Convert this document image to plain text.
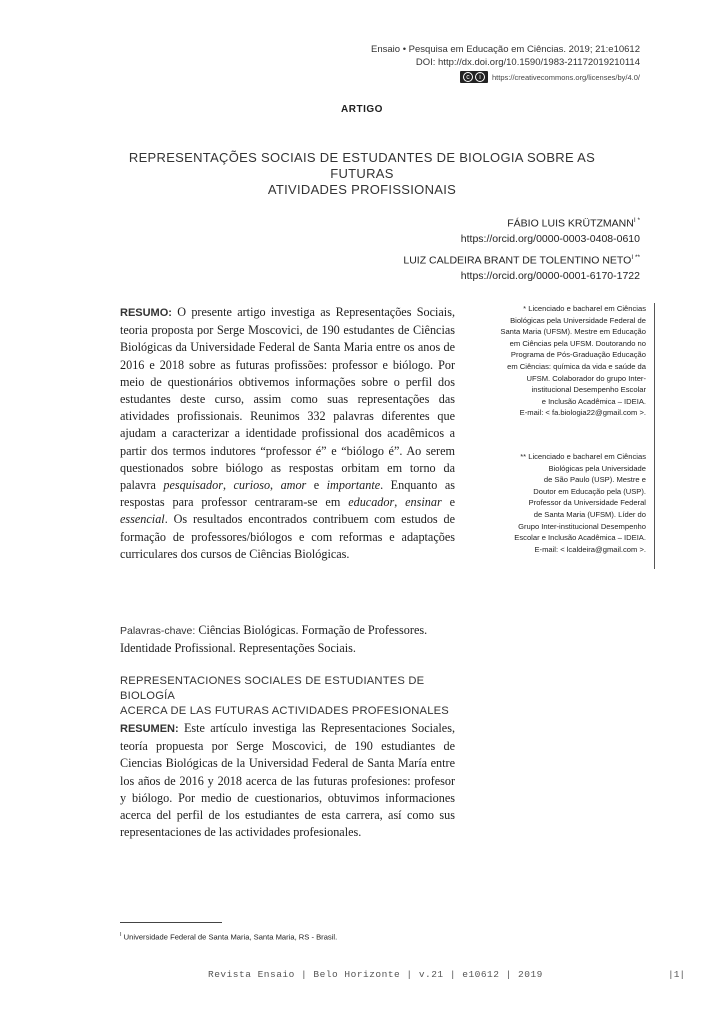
Ensaio • Pesquisa em Educação em Ciências. 2019; 21:e10612
DOI: http://dx.doi.org/10.1590/1983-21172019210114
c	i	https://creativecommons.org/licenses/by/4.0/
ARTIGO
REPRESENTAÇÕES SOCIAIS DE ESTUDANTES DE BIOLOGIA SOBRE AS FUTURAS
ATIVIDADES PROFISSIONAIS
FÁBIO LUIS $KRÜTZMANN^{I *}$
https://orcid.org/0000-0003-0408-0610
LUIZ CALDEIRA BRANT DE TOLENTINO $NETO^{I **}$
https://orcid.org/0000-0001-6170-1722
RESUMO: O presente artigo investiga as Representações Sociais, teoria proposta por Serge Moscovici, de 190 estudantes de Ciências Biológicas da Universidade Federal de Santa Maria entre os anos de 2016 e 2018 sobre as futuras profissões: professor e biólogo. Por meio de questionários obtivemos informações sobre o perfil dos estudantes deste curso, assim como suas representações das atividades profissionais. Reunimos 332 palavras diferentes que ajudam a caracterizar a identidade profissional dos acadêmicos a partir dos termos indutores “professor é” e “biólogo é”. Ao serem questionados sobre biólogo as respostas orbitam em torno da palavra pesquisador, curioso, amor e importante. Enquanto as respostas para professor centraram-se em educador, ensinar e essencial. Os resultados encontrados contribuem com estudos de formação de professores/biólogos e com reformas e adaptações curriculares dos cursos de Ciências Biológicas.
Palavras-chave: Ciências Biológicas. Formação de Professores. Identidade Profissional. Representações Sociais.
REPRESENTACIONES SOCIALES DE ESTUDIANTES DE BIOLOGÍA
ACERCA DE LAS FUTURAS ACTIVIDADES PROFESIONALES
RESUMEN: Este artículo investiga las Representaciones Sociales, teoría propuesta por Serge Moscovici, de 190 estudiantes de Ciencias Biológicas de la Universidad Federal de Santa María entre los años de 2016 y 2018 acerca de las futuras profesiones: profesor y biólogo. Por medio de cuestionarios, obtuvimos informaciones acerca del perfil de los estudiantes de esta carrera, así como sus representaciones de las actividades profesionales.
* Licenciado e bacharel em Ciências
Biológicas pela Universidade Federal de
Santa Maria (UFSM). Mestre em Educação
em Ciências pela UFSM. Doutorando no
Programa de Pós-Graduação Educação
em Ciências: química da vida e saúde da
UFSM. Colaborador do grupo Inter-
institucional Desempenho Escolar
e Inclusão Acadêmica – IDEIA.
E-mail: < fa.biologia22@gmail.com >.
** Licenciado e bacharel em Ciências
Biológicas pela Universidade
de São Paulo (USP). Mestre e
Doutor em Educação pela (USP).
Professor da Universidade Federal
de Santa Maria (UFSM). Líder do
Grupo Inter-institucional Desempenho
Escolar e Inclusão Acadêmica – IDEIA.
E-mail: < lcaldeira@gmail.com >.
$^I$ Universidade Federal de Santa Maria, Santa Maria, RS - Brasil.
Revista Ensaio | Belo Horizonte | v.21 | e10612 | 2019	|1|
